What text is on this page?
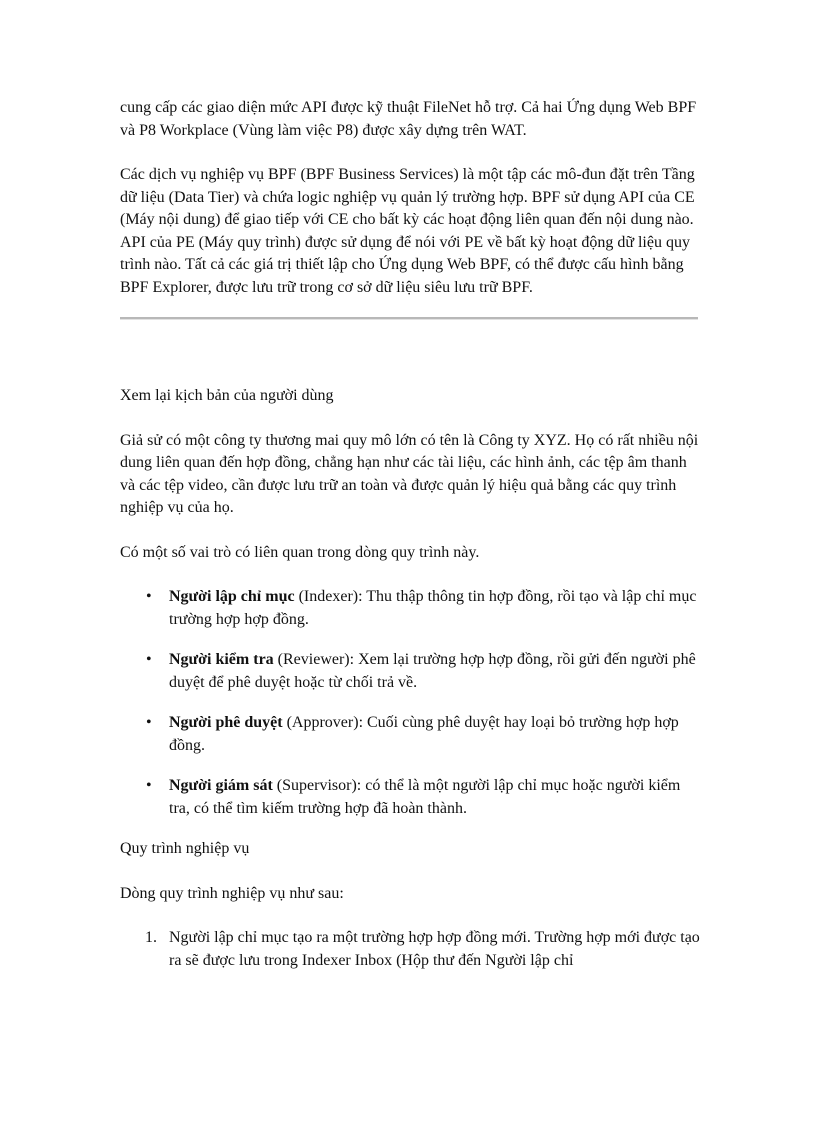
cung cấp các giao diện mức API được kỹ thuật FileNet hỗ trợ. Cả hai Ứng dụng Web BPF và P8 Workplace (Vùng làm việc P8) được xây dựng trên WAT.

Các dịch vụ nghiệp vụ BPF (BPF Business Services) là một tập các mô-đun đặt trên Tầng dữ liệu (Data Tier) và chứa logic nghiệp vụ quản lý trường hợp. BPF sử dụng API của CE (Máy nội dung) để giao tiếp với CE cho bất kỳ các hoạt động liên quan đến nội dung nào. API của PE (Máy quy trình) được sử dụng để nói với PE về bất kỳ hoạt động dữ liệu quy trình nào. Tất cả các giá trị thiết lập cho Ứng dụng Web BPF, có thể được cấu hình bằng BPF Explorer, được lưu trữ trong cơ sở dữ liệu siêu lưu trữ BPF.

Xem lại kịch bản của người dùng

Giả sử có một công ty thương mai quy mô lớn có tên là Công ty XYZ. Họ có rất nhiều nội dung liên quan đến hợp đồng, chẳng hạn như các tài liệu, các hình ảnh, các tệp âm thanh và các tệp video, cần được lưu trữ an toàn và được quản lý hiệu quả bằng các quy trình nghiệp vụ của họ.

Có một số vai trò có liên quan trong dòng quy trình này.

• Người lập chỉ mục (Indexer): Thu thập thông tin hợp đồng, rồi tạo và lập chỉ mục trường hợp hợp đồng.
• Người kiểm tra (Reviewer): Xem lại trường hợp hợp đồng, rồi gửi đến người phê duyệt để phê duyệt hoặc từ chối trả về.
• Người phê duyệt (Approver): Cuối cùng phê duyệt hay loại bỏ trường hợp hợp đồng.
• Người giám sát (Supervisor): có thể là một người lập chỉ mục hoặc người kiểm tra, có thể tìm kiếm trường hợp đã hoàn thành.

Quy trình nghiệp vụ

Dòng quy trình nghiệp vụ như sau:

1. Người lập chỉ mục tạo ra một trường hợp hợp đồng mới. Trường hợp mới được tạo ra sẽ được lưu trong Indexer Inbox (Hộp thư đến Người lập chỉ
